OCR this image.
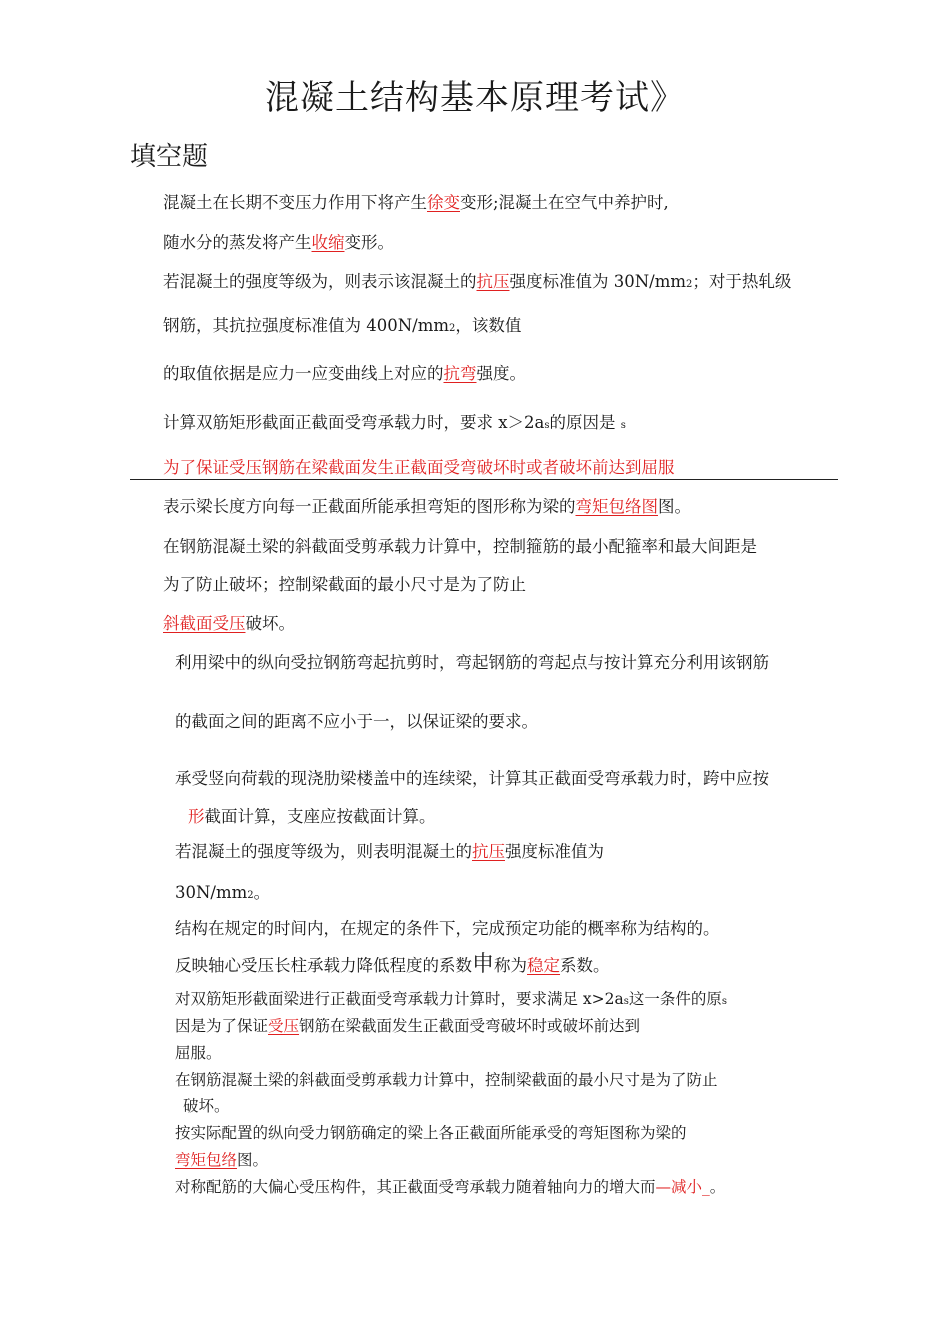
混凝土结构基本原理考试》
填空题
混凝土在长期不变压力作用下将产生徐变变形;混凝土在空气中养护时,
随水分的蒸发将产生收缩变形。
若混凝土的强度等级为，则表示该混凝土的抗压强度标准值为 30N/mm2；对于热轧级
钢筋，其抗拉强度标准值为 400N/mm2，该数值
的取值依据是应力一应变曲线上对应的抗弯强度。
计算双筋矩形截面正截面受弯承载力时，要求 x＞2as的原因是 s
为了保证受压钢筋在梁截面发生正截面受弯破坏时或者破坏前达到屈服
表示梁长度方向每一正截面所能承担弯矩的图形称为梁的弯矩包络图图。
在钢筋混凝土梁的斜截面受剪承载力计算中，控制箍筋的最小配箍率和最大间距是
为了防止破坏；控制梁截面的最小尺寸是为了防止
斜截面受压破坏。
利用梁中的纵向受拉钢筋弯起抗剪时，弯起钢筋的弯起点与按计算充分利用该钢筋
的截面之间的距离不应小于一，以保证梁的要求。
承受竖向荷载的现浇肋梁楼盖中的连续梁，计算其正截面受弯承载力时，跨中应按
形截面计算，支座应按截面计算。
若混凝土的强度等级为，则表明混凝土的抗压强度标准值为
30N/mm2。
结构在规定的时间内，在规定的条件下，完成预定功能的概率称为结构的。
反映轴心受压长柱承载力降低程度的系数申称为稳定系数。
对双筋矩形截面梁进行正截面受弯承载力计算时，要求满足 x>2as这一条件的原s
因是为了保证受压钢筋在梁截面发生正截面受弯破坏时或破坏前达到
屈服。
在钢筋混凝土梁的斜截面受剪承载力计算中，控制梁截面的最小尺寸是为了防止
破坏。
按实际配置的纵向受力钢筋确定的梁上各正截面所能承受的弯矩图称为梁的
弯矩包络图。
对称配筋的大偏心受压构件，其正截面受弯承载力随着轴向力的增大而—减小_。
